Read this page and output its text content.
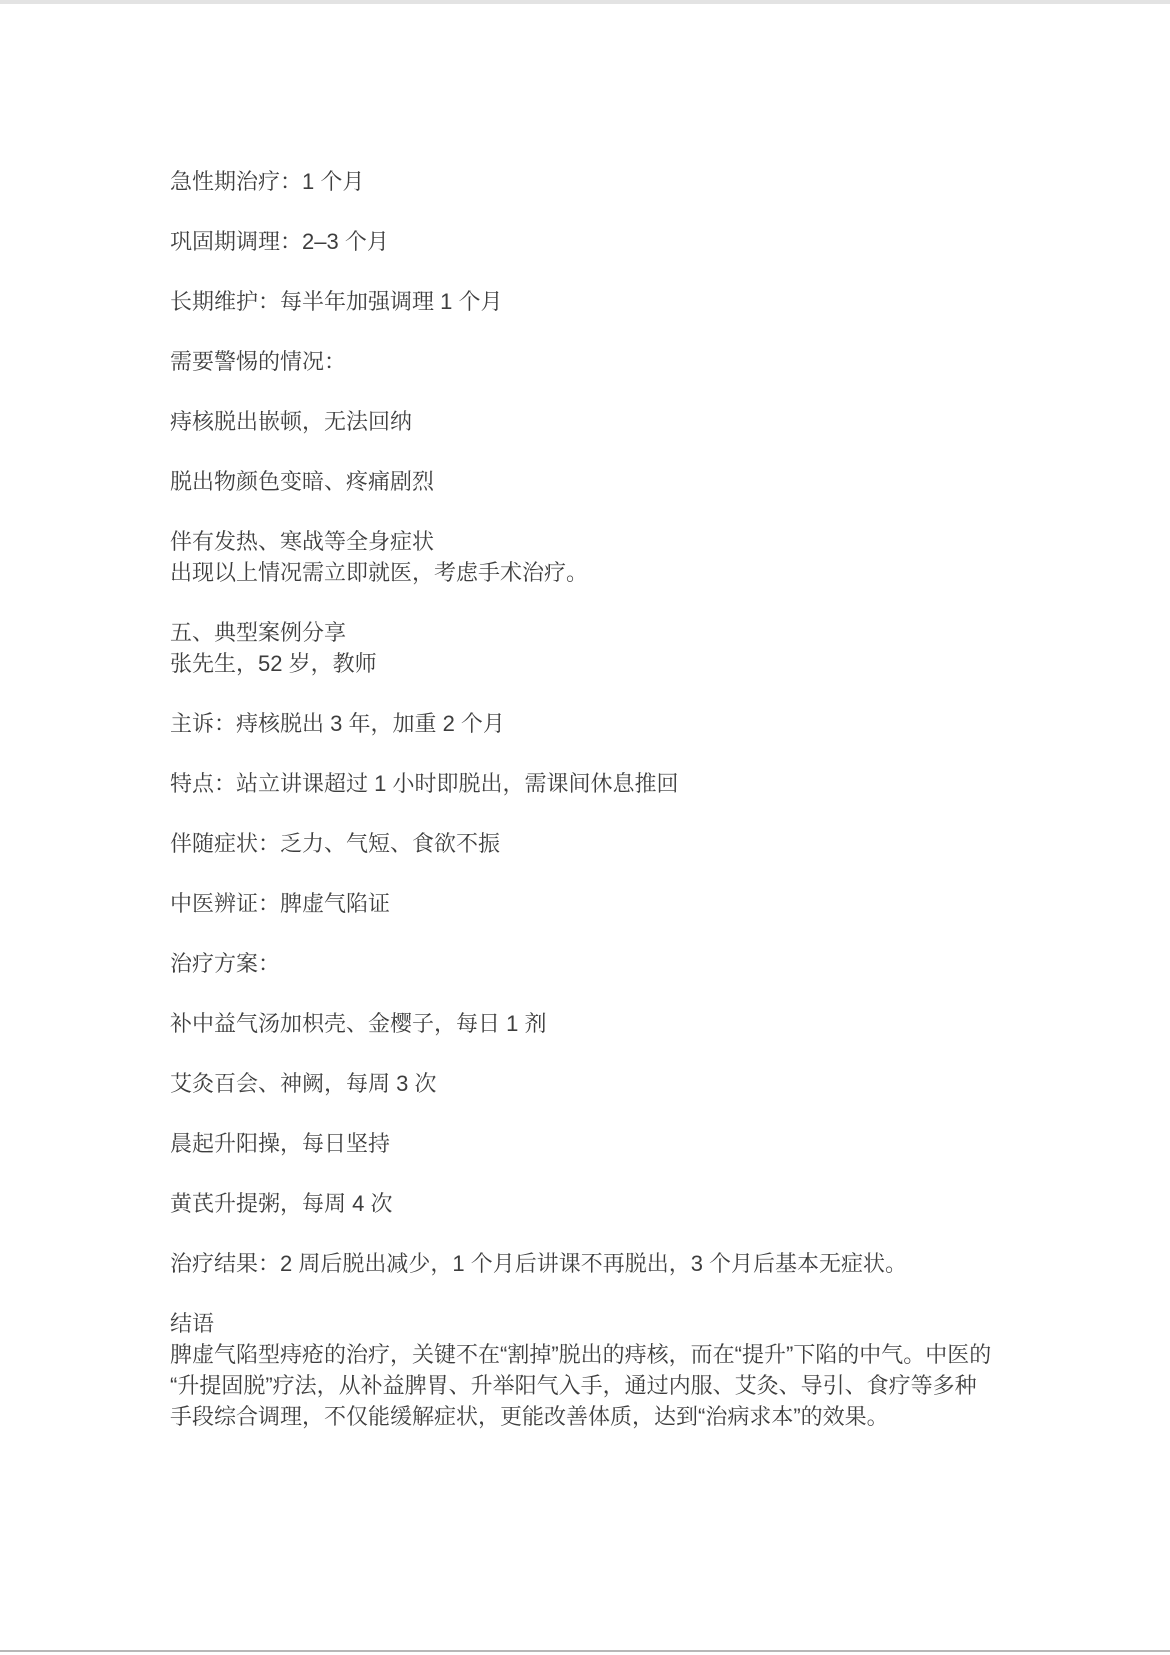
急性期治疗：1 个月

巩固期调理：2–3 个月

长期维护：每半年加强调理 1 个月

需要警惕的情况：

痔核脱出嵌顿，无法回纳

脱出物颜色变暗、疼痛剧烈

伴有发热、寒战等全身症状
出现以上情况需立即就医，考虑手术治疗。

五、典型案例分享
张先生，52 岁，教师

主诉：痔核脱出 3 年，加重 2 个月

特点：站立讲课超过 1 小时即脱出，需课间休息推回

伴随症状：乏力、气短、食欲不振

中医辨证：脾虚气陷证

治疗方案：

补中益气汤加枳壳、金樱子，每日 1 剂

艾灸百会、神阙，每周 3 次

晨起升阳操，每日坚持

黄芪升提粥，每周 4 次

治疗结果：2 周后脱出减少，1 个月后讲课不再脱出，3 个月后基本无症状。

结语
脾虚气陷型痔疮的治疗，关键不在“割掉”脱出的痔核，而在“提升”下陷的中气。中医的“升提固脱”疗法，从补益脾胃、升举阳气入手，通过内服、艾灸、导引、食疗等多种手段综合调理，不仅能缓解症状，更能改善体质，达到“治病求本”的效果。
